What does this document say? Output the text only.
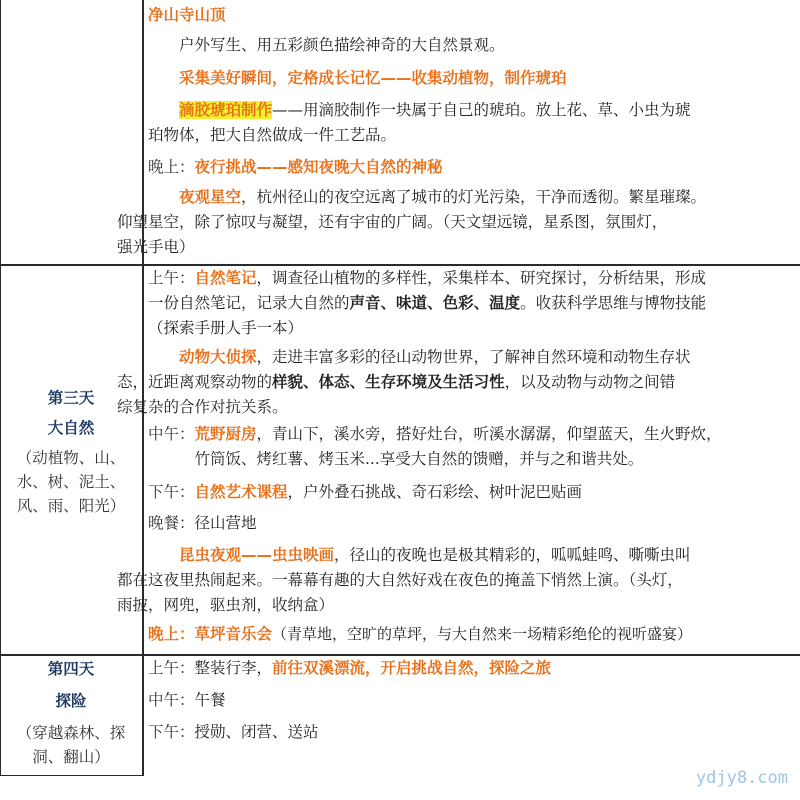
净山寺山顶
户外写生、用五彩颜色描绘神奇的大自然景观。
采集美好瞬间，定格成长记忆——收集动植物，制作琥珀
滴胶琥珀制作——用滴胶制作一块属于自己的琥珀。放上花、草、小虫为琥
珀物体，把大自然做成一件工艺品。
晚上：夜行挑战——感知夜晚大自然的神秘
夜观星空，杭州径山的夜空远离了城市的灯光污染，干净而透彻。繁星璀璨。
仰望星空，除了惊叹与凝望，还有宇宙的广阔。（天文望远镜，星系图，氛围灯，
强光手电）
第三天
大自然
（动植物、山、
水、树、泥土、
风、雨、阳光）
上午：自然笔记，调查径山植物的多样性，采集样本、研究探讨，分析结果，形成
一份自然笔记，记录大自然的声音、味道、色彩、温度。收获科学思维与博物技能
（探索手册人手一本）
动物大侦探，走进丰富多彩的径山动物世界，了解神自然环境和动物生存状
态，近距离观察动物的样貌、体态、生存环境及生活习性，以及动物与动物之间错
综复杂的合作对抗关系。
中午：荒野厨房，青山下，溪水旁，搭好灶台，听溪水潺潺，仰望蓝天，生火野炊，
竹筒饭、烤红薯、烤玉米...享受大自然的馈赠，并与之和谐共处。
下午：自然艺术课程，户外叠石挑战、奇石彩绘、树叶泥巴贴画
晚餐：径山营地
昆虫夜观——虫虫映画，径山的夜晚也是极其精彩的，呱呱蛙鸣、嘶嘶虫叫
都在这夜里热闹起来。一幕幕有趣的大自然好戏在夜色的掩盖下悄然上演。（头灯，
雨披，网兜，驱虫剂，收纳盒）
晚上：草坪音乐会（青草地，空旷的草坪，与大自然来一场精彩绝伦的视听盛宴）
第四天
探险
（穿越森林、探
洞、翻山）
上午：整装行李，前往双溪漂流，开启挑战自然，探险之旅
中午：午餐
下午：授勋、闭营、送站
ydjy8.com
